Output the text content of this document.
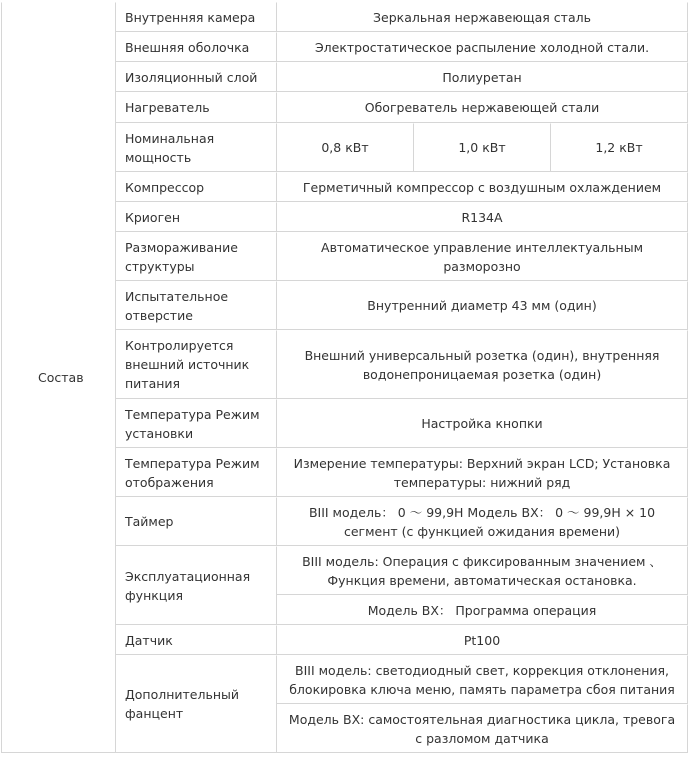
Состав	Внутренняя камера	Зеркальная нержавеющая сталь		
	Внешняя оболочка	Электростатическое распыление холодной стали.		
	Изоляционный слой	Полиуретан		
	Нагреватель	Обогреватель нержавеющей стали		
	Номинальная мощность	0,8 кВт	1,0 кВт	1,2 кВт
	Компрессор	Герметичный компрессор с воздушным охлаждением		
	Криоген	R134A		
	Размораживание структуры	Автоматическое управление интеллектуальным разморозно		
	Испытательное отверстие	Внутренний диаметр 43 мм (один)		
	Контролируется внешний источник питания	Внешний универсальный розетка (один), внутренняя водонепроницаемая розетка (один)		
	Температура Режим установки	Настройка кнопки		
	Температура Режим отображения	Измерение температуры: Верхний экран LCD; Установка температуры: нижний ряд		
	Таймер	BIII модель： 0 ～ 99,9H Модель BX： 0 ～ 99,9H × 10 сегмент (с функцией ожидания времени)		
	Эксплуатационная функция	BIII модель: Операция с фиксированным значением 、Функция времени, автоматическая остановка.		
		Модель BX： Программа операция		
	Датчик	Pt100		
	Дополнительный фанцент	BIII модель: светодиодный свет, коррекция отклонения, блокировка ключа меню, память параметра сбоя питания		
		Модель BX: самостоятельная диагностика цикла, тревога с разломом датчика		
